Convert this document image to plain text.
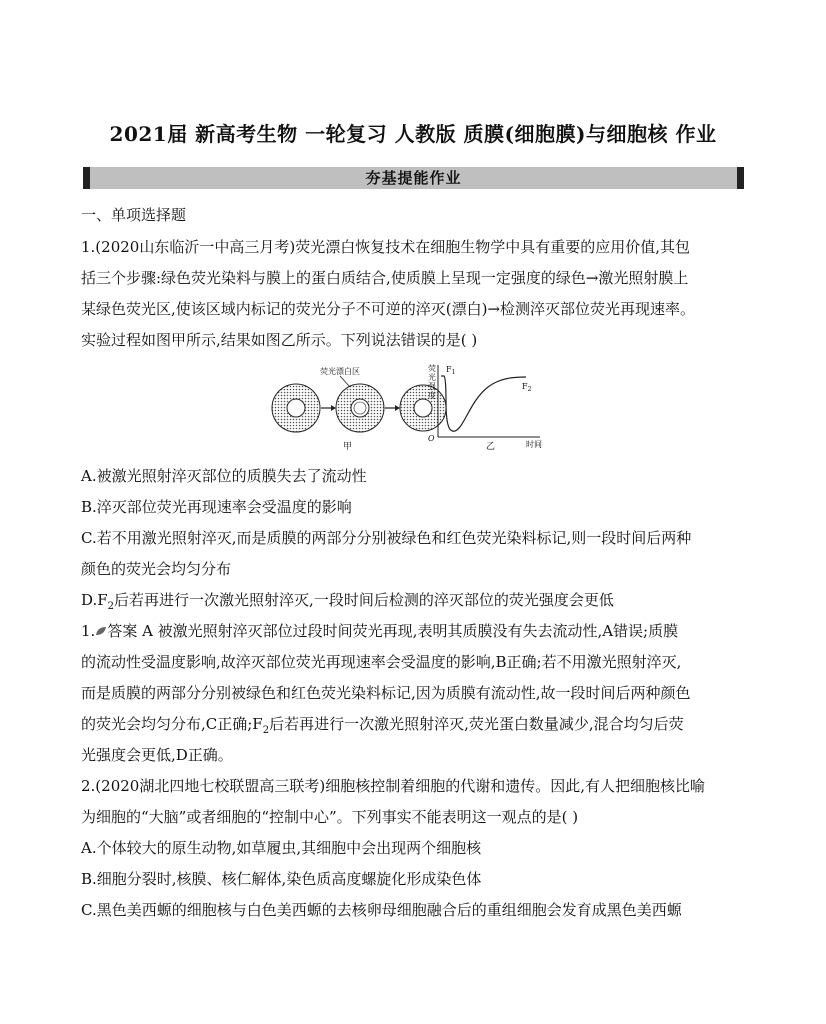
2021届 新高考生物 一轮复习 人教版 质膜(细胞膜)与细胞核 作业
夯基提能作业
一、单项选择题
1.(2020山东临沂一中高三月考)荧光漂白恢复技术在细胞生物学中具有重要的应用价值,其包
括三个步骤:绿色荧光染料与膜上的蛋白质结合,使质膜上呈现一定强度的绿色→激光照射膜上
某绿色荧光区,使该区域内标记的荧光分子不可逆的淬灭(漂白)→检测淬灭部位荧光再现速率。
实验过程如图甲所示,结果如图乙所示。下列说法错误的是( )
荧光漂白区
甲
O
荧 光 强 度
时间
乙
$F_1$
$F_2$
A.被激光照射淬灭部位的质膜失去了流动性
B.淬灭部位荧光再现速率会受温度的影响
C.若不用激光照射淬灭,而是质膜的两部分分别被绿色和红色荧光染料标记,则一段时间后两种
颜色的荧光会均匀分布
$D.F_2$后若再进行一次激光照射淬灭,一段时间后检测的淬灭部位的荧光强度会更低
1. 答案 A 被激光照射淬灭部位过段时间荧光再现,表明其质膜没有失去流动性,A错误;质膜
的流动性受温度影响,故淬灭部位荧光再现速率会受温度的影响,B正确;若不用激光照射淬灭,
而是质膜的两部分分别被绿色和红色荧光染料标记,因为质膜有流动性,故一段时间后两种颜色
的荧光会均匀分布,C正确$;F_2$后若再进行一次激光照射淬灭,荧光蛋白数量减少,混合均匀后荧
光强度会更低,D正确。
2.(2020湖北四地七校联盟高三联考)细胞核控制着细胞的代谢和遗传。因此,有人把细胞核比喻
为细胞的“大脑”或者细胞的“控制中心”。下列事实不能表明这一观点的是( )
A.个体较大的原生动物,如草履虫,其细胞中会出现两个细胞核
B.细胞分裂时,核膜、核仁解体,染色质高度螺旋化形成染色体
C.黑色美西螈的细胞核与白色美西螈的去核卵母细胞融合后的重组细胞会发育成黑色美西螈
